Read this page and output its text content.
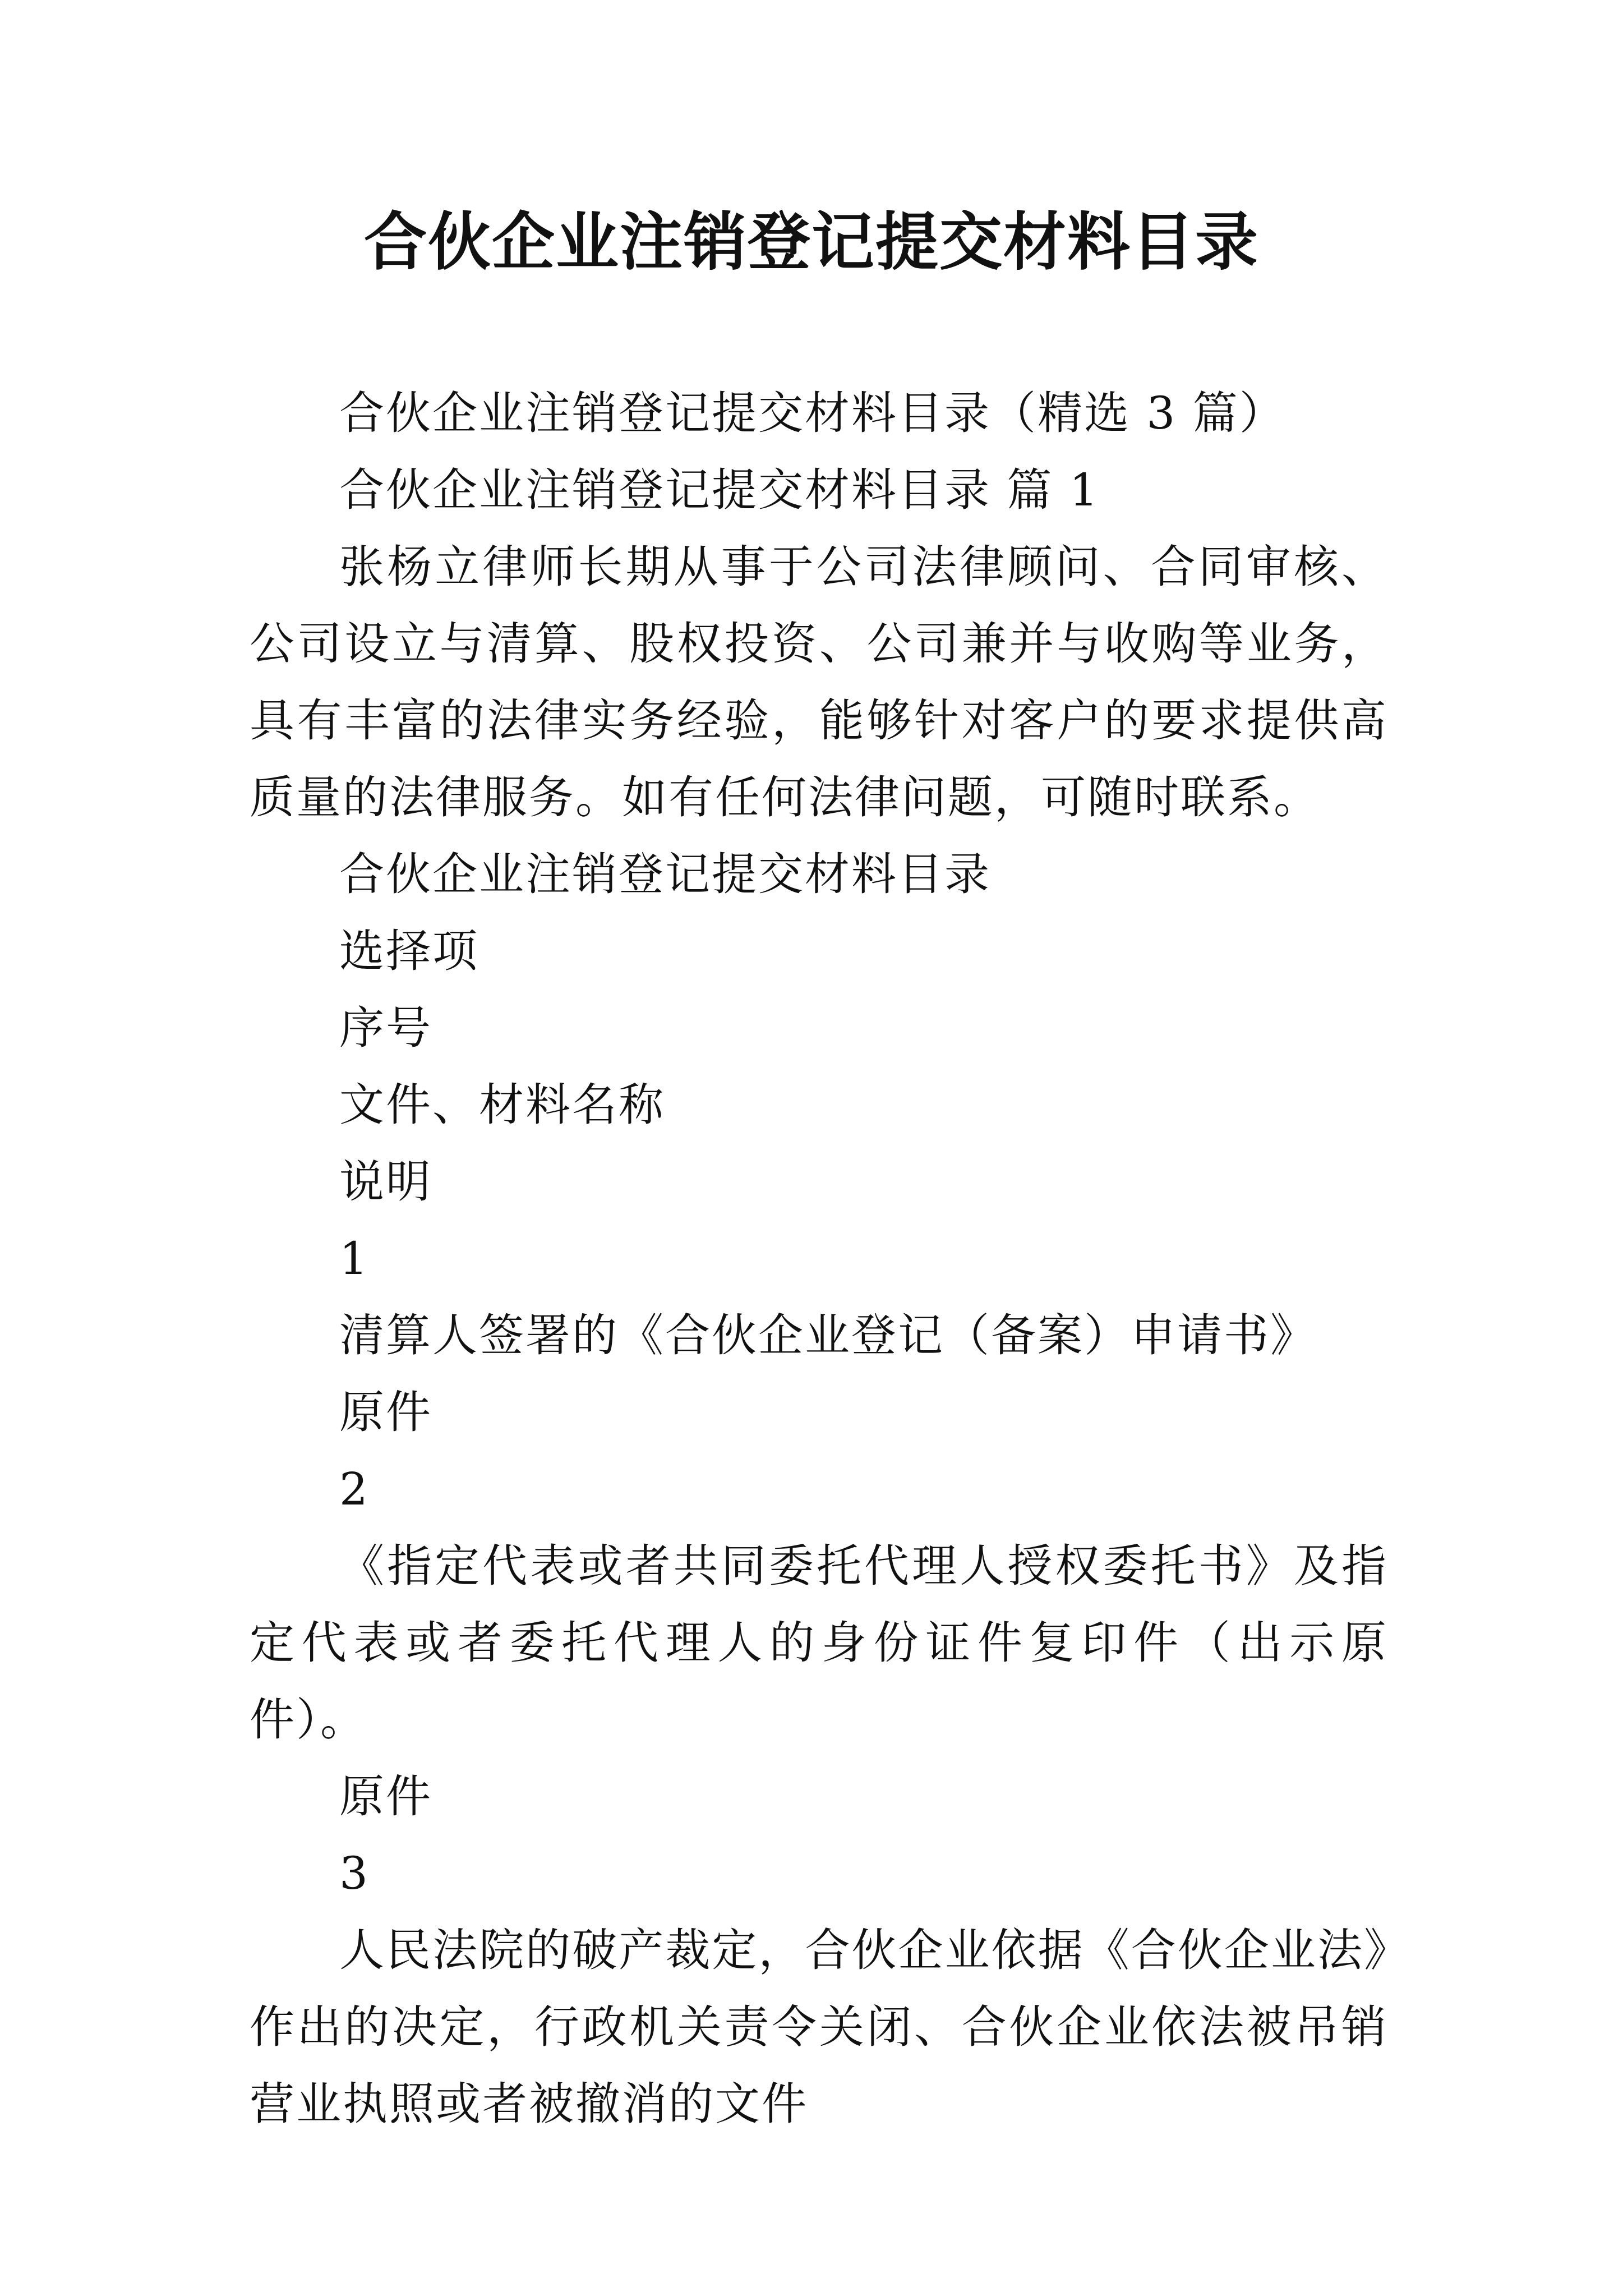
合伙企业注销登记提交材料目录

合伙企业注销登记提交材料目录（精选 3 篇）

合伙企业注销登记提交材料目录 篇 1

张杨立律师长期从事于公司法律顾问、合同审核、公司设立与清算、股权投资、公司兼并与收购等业务，具有丰富的法律实务经验，能够针对客户的要求提供高质量的法律服务。如有任何法律问题，可随时联系。

合伙企业注销登记提交材料目录

选择项

序号

文件、材料名称

说明

1

清算人签署的《合伙企业登记（备案）申请书》

原件

2

《指定代表或者共同委托代理人授权委托书》及指定代表或者委托代理人的身份证件复印件（出示原件）。

原件

3

人民法院的破产裁定，合伙企业依据《合伙企业法》作出的决定，行政机关责令关闭、合伙企业依法被吊销营业执照或者被撤消的文件
